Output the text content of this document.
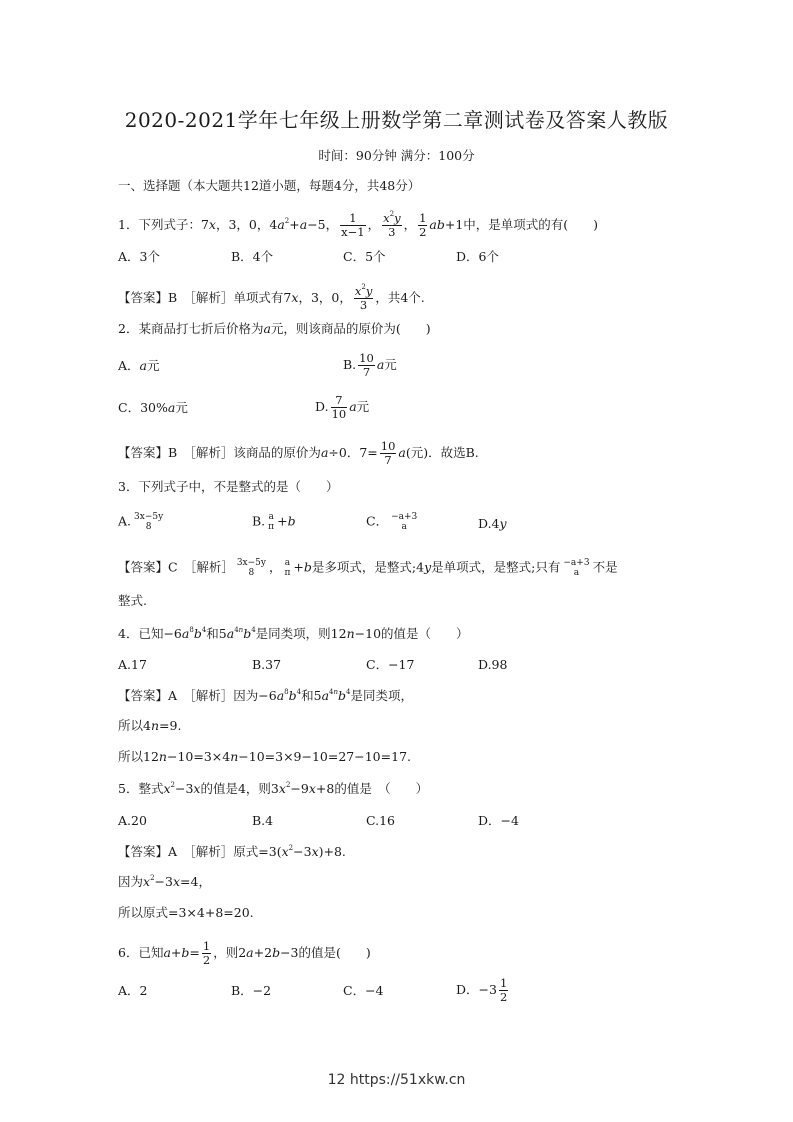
2020-2021学年七年级上册数学第二章测试卷及答案人教版
时间：90分钟 满分：100分
一、选择题（本大题共12道小题，每题4分，共48分）
1．下列式子：7x，3，0，$4a^2+a-5$， $\frac{1}{x-1}$ ， $\frac{x^2y}{3}$ ， $\frac{1}{2} ab+1$中，是单项式的有(　　)
A．3个	B．4个	C．5个	D．6个
【答案】B　［解析］单项式有7x，3，0， $\frac{x^2y}{3}$ ，共4个.
2．某商品打七折后价格为a元，则该商品的原价为(　　)
A．a元	B. $\frac{10}{7}$ a元
C．30%a元	D. $\frac{7}{10}$ a元
【答案】B　［解析］该商品的原价为a÷0．$7= \frac{10}{7} a$(元)．故选B.
3．下列式子中，不是整式的是（　　）
A. 3x−5y
8	B. a
π +b	C． −a+3
a	D.4y
【答案】C　［解析］ 3x−5y
8	， a
π +b是多项式，是整式;4y是单项式，是整式;只有 −a+3
a	不是
整式.
4．已知$-6a^8b^4$和$5a^{4n}b^4$是同类项，则12n−10的值是（　　）
A.17	B.37	C．−17	D.98
【答案】A　［解析］因为$-6a^8b^4$和$5a^{4n}b^4$是同类项，
所以4n=9.
所以12n−10=3×4n−10=3×9−10=27−10=17.
5．整式$x^2-3x$的值是4，则$3x^2-9x+8$的值是　（　　）
A.20	B.4	C.16	D．−4
【答案】A　［解析］原式$=3(x^2-3x)+8$.
因为$x^2-3x=4$，
所以原式=3×4+8=20.
6．已知$a+b= \frac{1}{2}$ ，则2a+2b−3的值是(　　)
A．2	B．−2	C．−4	D．$-3 \frac{1}{2}$
12 https://51xkw.cn
